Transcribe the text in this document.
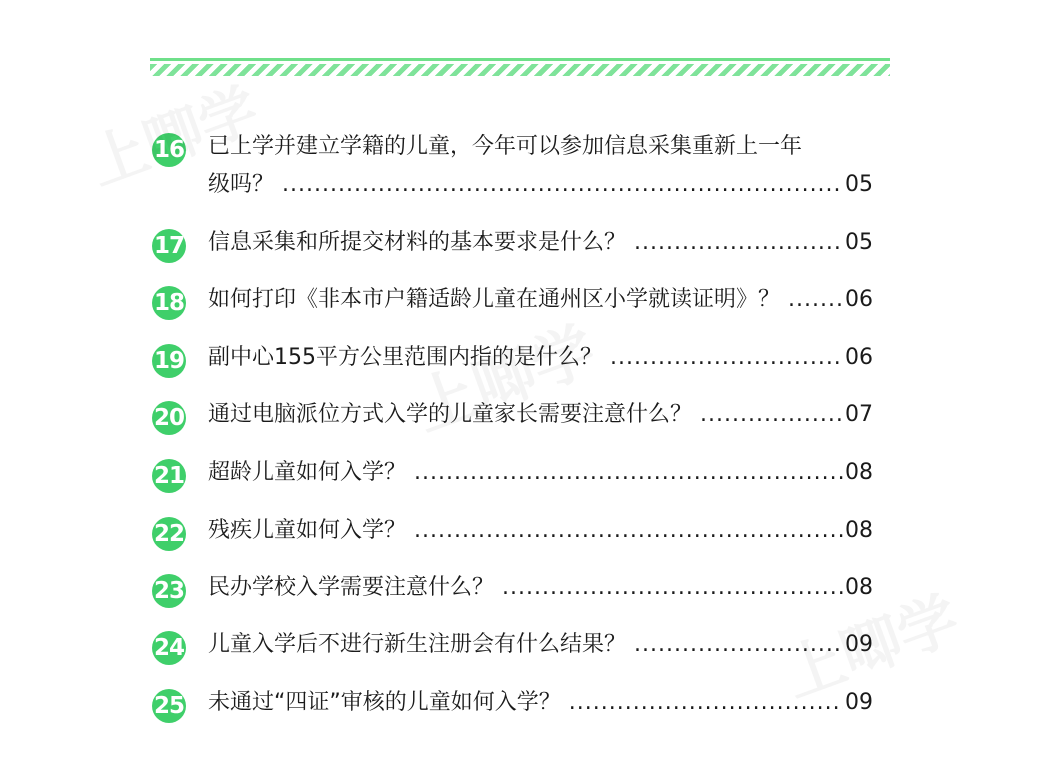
16 已上学并建立学籍的儿童，今年可以参加信息采集重新上一年
级吗？ .....	05
17 信息采集和所提交材料的基本要求是什么？ .....	05
18 如何打印《非本市户籍适龄儿童在通州区小学就读证明》？ .....	06
19 副中心155平方公里范围内指的是什么？ .....	06
20 通过电脑派位方式入学的儿童家长需要注意什么？ .....	07
21 超龄儿童如何入学？ .....	08
22 残疾儿童如何入学？ .....	08
23 民办学校入学需要注意什么？ .....	08
24 儿童入学后不进行新生注册会有什么结果？ .....	09
25 未通过“四证”审核的儿童如何入学？ .....	09
